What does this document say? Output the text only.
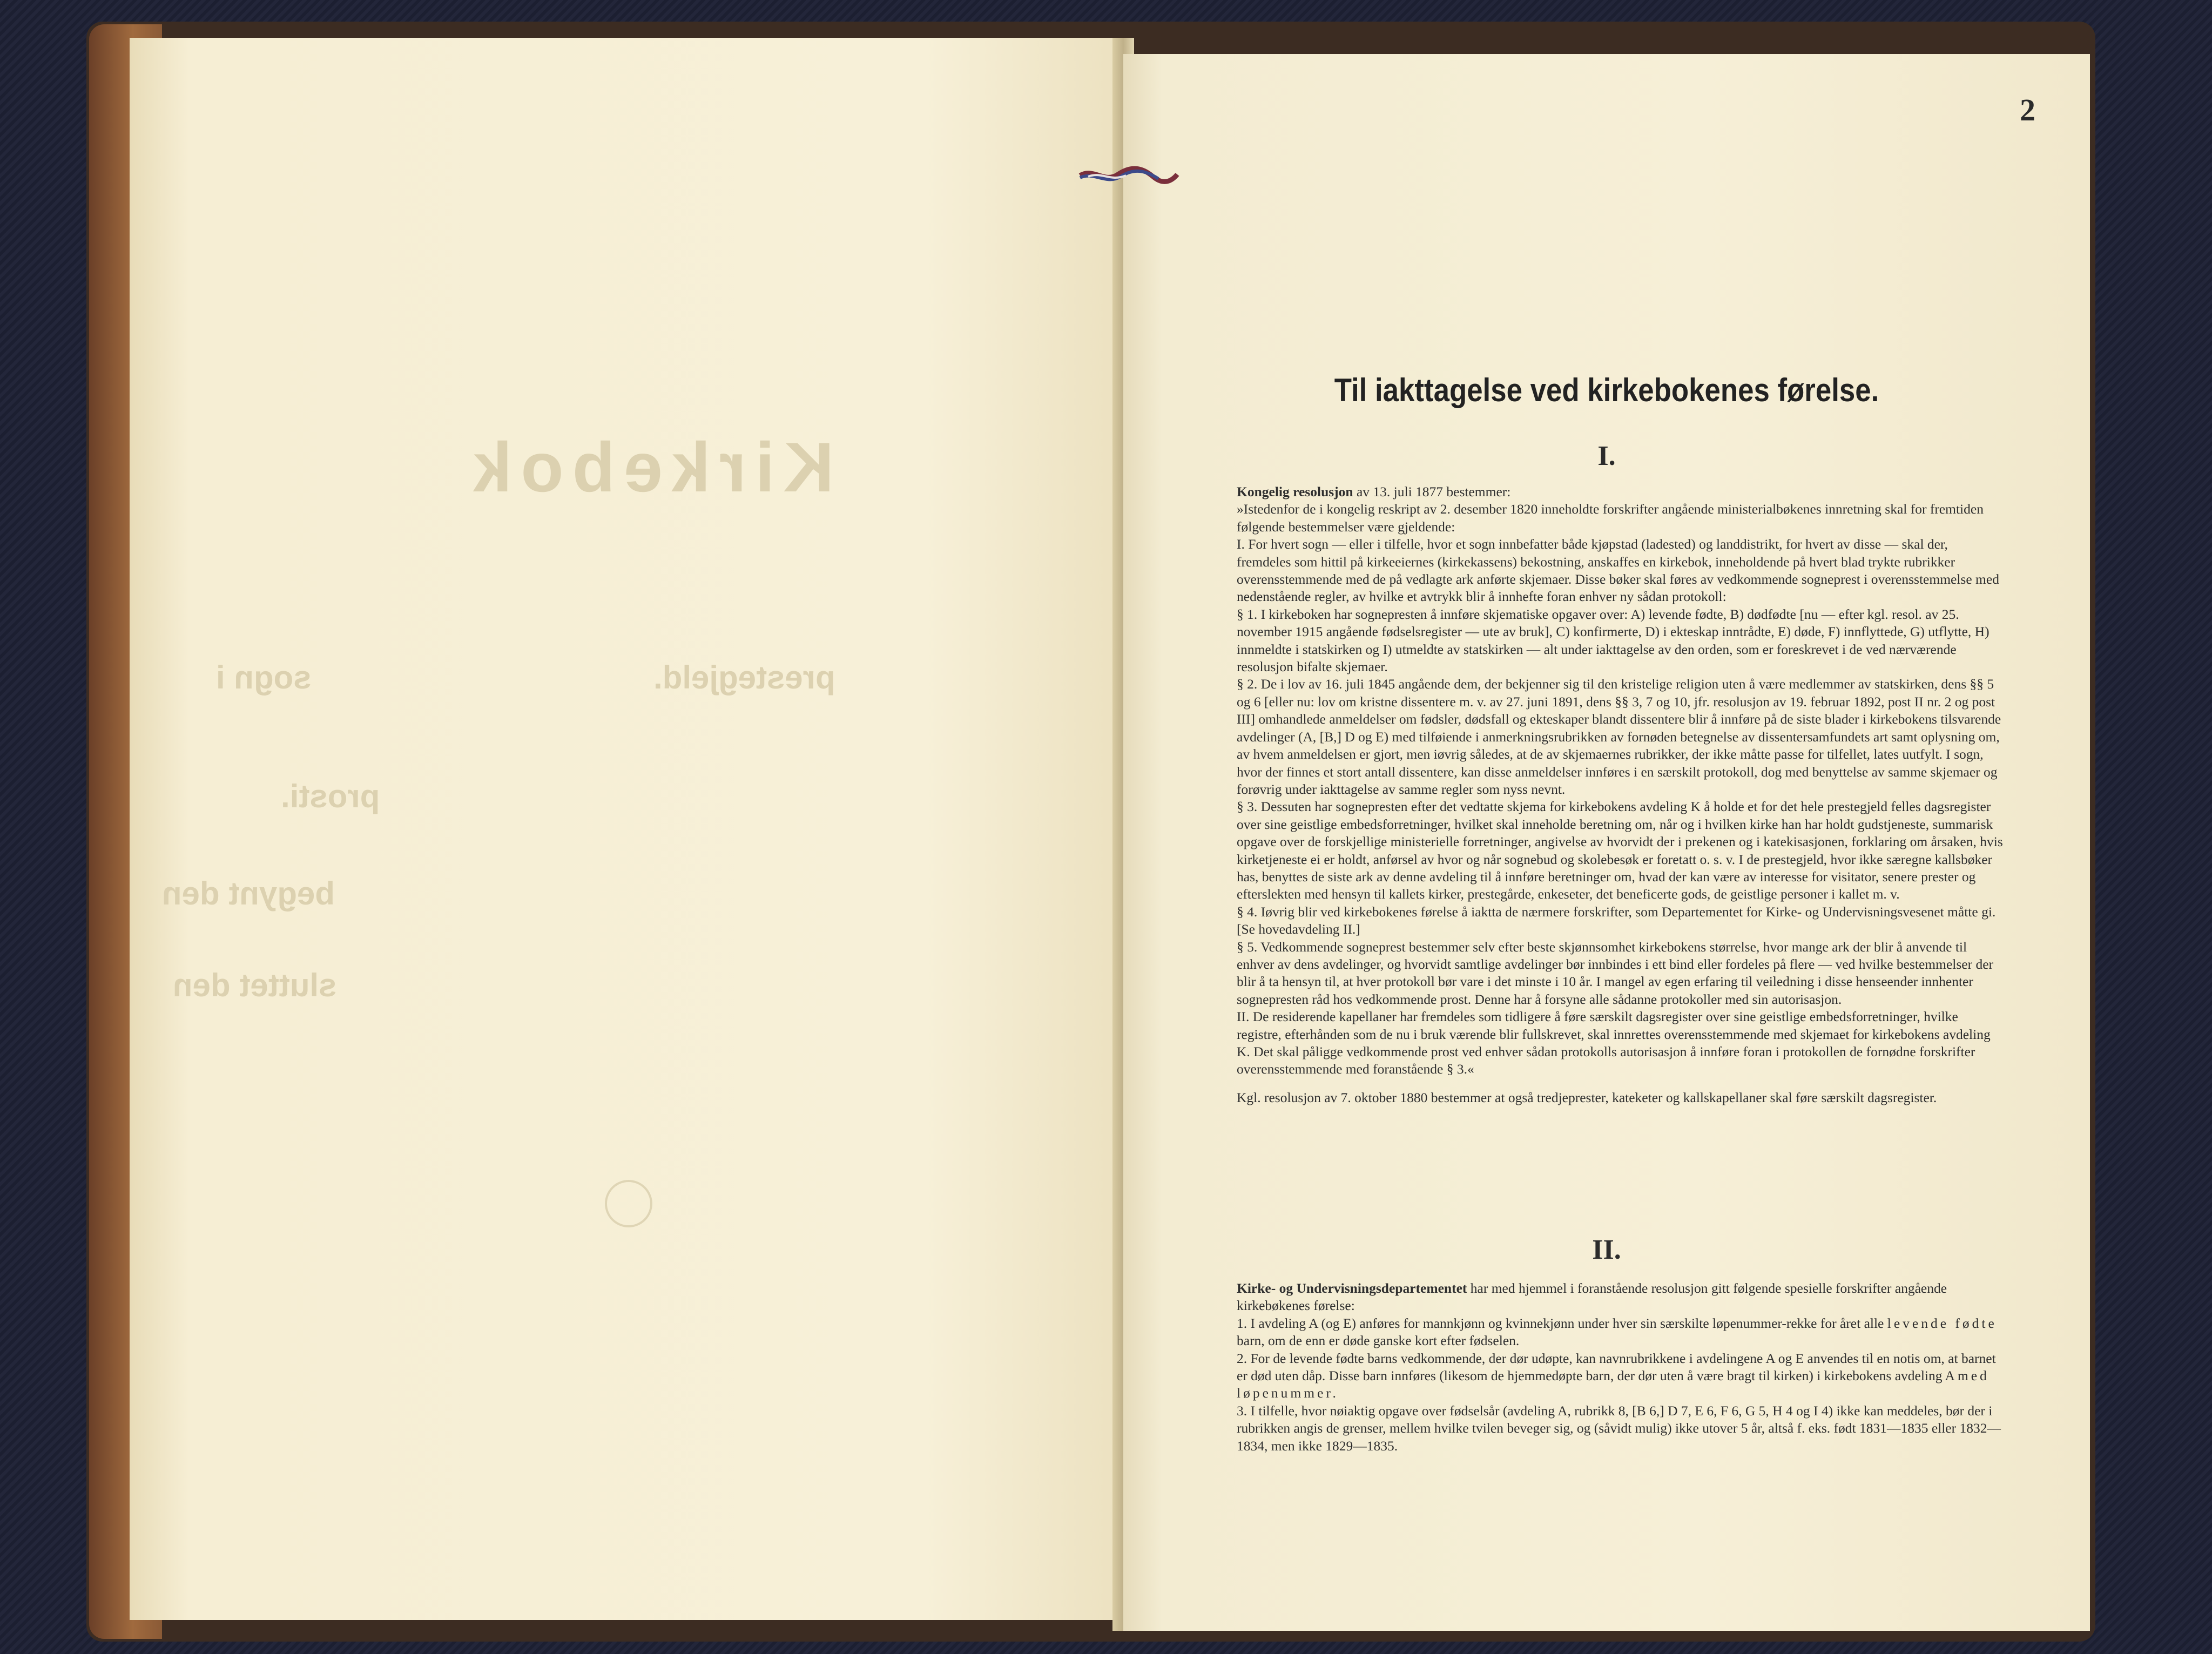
Kirkebok
prestegjeld.
sogn i
prosti.
begynt den
sluttet den
2
Til iakttagelse ved kirkebokenes førelse.
I.

Kongelig resolusjon av 13. juli 1877 bestemmer:

»Istedenfor de i kongelig reskript av 2. desember 1820 inneholdte forskrifter angående ministerialbøkenes innretning skal for fremtiden følgende bestemmelser være gjeldende:

I. For hvert sogn — eller i tilfelle, hvor et sogn innbefatter både kjøpstad (ladested) og landdistrikt, for hvert av disse — skal der, fremdeles som hittil på kirkeeiernes (kirkekassens) bekostning, anskaffes en kirkebok, inneholdende på hvert blad trykte rubrikker overensstemmende med de på vedlagte ark anførte skjemaer. Disse bøker skal føres av vedkommende sogneprest i overensstemmelse med nedenstående regler, av hvilke et avtrykk blir å innhefte foran enhver ny sådan protokoll:

§ 1. I kirkeboken har sognepresten å innføre skjematiske opgaver over: A) levende fødte, B) dødfødte [nu — efter kgl. resol. av 25. november 1915 angående fødselsregister — ute av bruk], C) konfirmerte, D) i ekteskap inntrådte, E) døde, F) innflyttede, G) utflytte, H) innmeldte i statskirken og I) utmeldte av statskirken — alt under iakttagelse av den orden, som er foreskrevet i de ved nærværende resolusjon bifalte skjemaer.

§ 2. De i lov av 16. juli 1845 angående dem, der bekjenner sig til den kristelige religion uten å være medlemmer av statskirken, dens §§ 5 og 6 [eller nu: lov om kristne dissentere m. v. av 27. juni 1891, dens §§ 3, 7 og 10, jfr. resolusjon av 19. februar 1892, post II nr. 2 og post III] omhandlede anmeldelser om fødsler, dødsfall og ekteskaper blandt dissentere blir å innføre på de siste blader i kirkebokens tilsvarende avdelinger (A, [B,] D og E) med tilføiende i anmerkningsrubrikken av fornøden betegnelse av dissentersamfundets art samt oplysning om, av hvem anmeldelsen er gjort, men iøvrig således, at de av skjemaernes rubrikker, der ikke måtte passe for tilfellet, lates uutfylt. I sogn, hvor der finnes et stort antall dissentere, kan disse anmeldelser innføres i en særskilt protokoll, dog med benyttelse av samme skjemaer og forøvrig under iakttagelse av samme regler som nyss nevnt.

§ 3. Dessuten har sognepresten efter det vedtatte skjema for kirkebokens avdeling K å holde et for det hele prestegjeld felles dagsregister over sine geistlige embedsforretninger, hvilket skal inneholde beretning om, når og i hvilken kirke han har holdt gudstjeneste, summarisk opgave over de forskjellige ministerielle forretninger, angivelse av hvorvidt der i prekenen og i katekisasjonen, forklaring om årsaken, hvis kirketjeneste ei er holdt, anførsel av hvor og når sognebud og skolebesøk er foretatt o. s. v. I de prestegjeld, hvor ikke særegne kallsbøker has, benyttes de siste ark av denne avdeling til å innføre beretninger om, hvad der kan være av interesse for visitator, senere prester og efterslekten med hensyn til kallets kirker, prestegårde, enkeseter, det beneficerte gods, de geistlige personer i kallet m. v.

§ 4. Iøvrig blir ved kirkebokenes førelse å iaktta de nærmere forskrifter, som Departementet for Kirke- og Undervisningsvesenet måtte gi. [Se hovedavdeling II.]

§ 5. Vedkommende sogneprest bestemmer selv efter beste skjønnsomhet kirkebokens størrelse, hvor mange ark der blir å anvende til enhver av dens avdelinger, og hvorvidt samtlige avdelinger bør innbindes i ett bind eller fordeles på flere — ved hvilke bestemmelser der blir å ta hensyn til, at hver protokoll bør vare i det minste i 10 år. I mangel av egen erfaring til veiledning i disse henseender innhenter sognepresten råd hos vedkommende prost. Denne har å forsyne alle sådanne protokoller med sin autorisasjon.

II. De residerende kapellaner har fremdeles som tidligere å føre særskilt dagsregister over sine geistlige embedsforretninger, hvilke registre, efterhånden som de nu i bruk værende blir fullskrevet, skal innrettes overensstemmende med skjemaet for kirkebokens avdeling K. Det skal påligge vedkommende prost ved enhver sådan protokolls autorisasjon å innføre foran i protokollen de fornødne forskrifter overensstemmende med foranstående § 3.«

Kgl. resolusjon av 7. oktober 1880 bestemmer at også tredjeprester, kateketer og kallskapellaner skal føre særskilt dagsregister.

II.

Kirke- og Undervisningsdepartementet har med hjemmel i foranstående resolusjon gitt følgende spesielle forskrifter angående kirkebøkenes førelse:

1. I avdeling A (og E) anføres for mannkjønn og kvinnekjønn under hver sin særskilte løpenummer-rekke for året alle levende fødte barn, om de enn er døde ganske kort efter fødselen.

2. For de levende fødte barns vedkommende, der dør udøpte, kan navnrubrikkene i avdelingene A og E anvendes til en notis om, at barnet er død uten dåp. Disse barn innføres (likesom de hjemmedøpte barn, der dør uten å være bragt til kirken) i kirkebokens avdeling A med løpenummer.

3. I tilfelle, hvor nøiaktig opgave over fødselsår (avdeling A, rubrikk 8, [B 6,] D 7, E 6, F 6, G 5, H 4 og I 4) ikke kan meddeles, bør der i rubrikken angis de grenser, mellem hvilke tvilen beveger sig, og (såvidt mulig) ikke utover 5 år, altså f. eks. født 1831—1835 eller 1832—1834, men ikke 1829—1835.
